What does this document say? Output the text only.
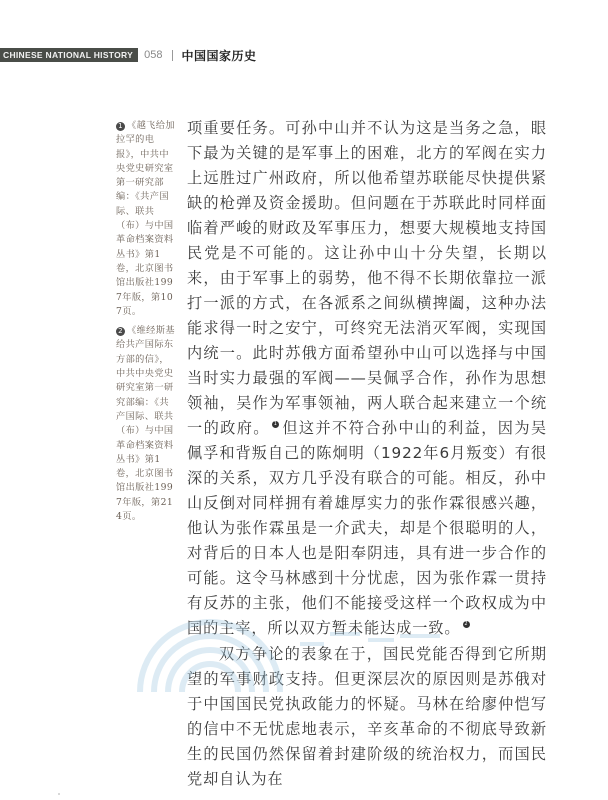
CHINESE NATIONAL HISTORY	058 中国国家历史
1 《越飞给加拉罕的电报》，中共中央党史研究室第一研究部编：《共产国际、联共（布）与中国革命档案资料丛书》第1卷，北京图书馆出版社1997年版，第107页。
2 《维经斯基给共产国际东方部的信》，中共中央党史研究室第一研究部编：《共产国际、联共（布）与中国革命档案资料丛书》第1卷，北京图书馆出版社1997年版，第214页。

项重要任务。可孙中山并不认为这是当务之急，眼下最为关键的是军事上的困难，北方的军阀在实力上远胜过广州政府，所以他希望苏联能尽快提供紧缺的枪弹及资金援助。但问题在于苏联此时同样面临着严峻的财政及军事压力，想要大规模地支持国民党是不可能的。这让孙中山十分失望，长期以来，由于军事上的弱势，他不得不长期依靠拉一派打一派的方式，在各派系之间纵横捭阖，这种办法能求得一时之安宁，可终究无法消灭军阀，实现国内统一。此时苏俄方面希望孙中山可以选择与中国当时实力最强的军阀——吴佩孚合作，孙作为思想领袖，吴作为军事领袖，两人联合起来建立一个统一的政府。 1 但这并不符合孙中山的利益，因为吴佩孚和背叛自己的陈炯明（1922年6月叛变）有很深的关系，双方几乎没有联合的可能。相反，孙中山反倒对同样拥有着雄厚实力的张作霖很感兴趣，他认为张作霖虽是一介武夫，却是个很聪明的人，对背后的日本人也是阳奉阴违，具有进一步合作的可能。这令马林感到十分忧虑，因为张作霖一贯持有反苏的主张，他们不能接受这样一个政权成为中国的主宰，所以双方暂未能达成一致。 2

双方争论的表象在于，国民党能否得到它所期望的军事财政支持。但更深层次的原因则是苏俄对于中国国民党执政能力的怀疑。马林在给廖仲恺写的信中不无忧虑地表示，辛亥革命的不彻底导致新生的民国仍然保留着封建阶级的统治权力，而国民党却自认为在
